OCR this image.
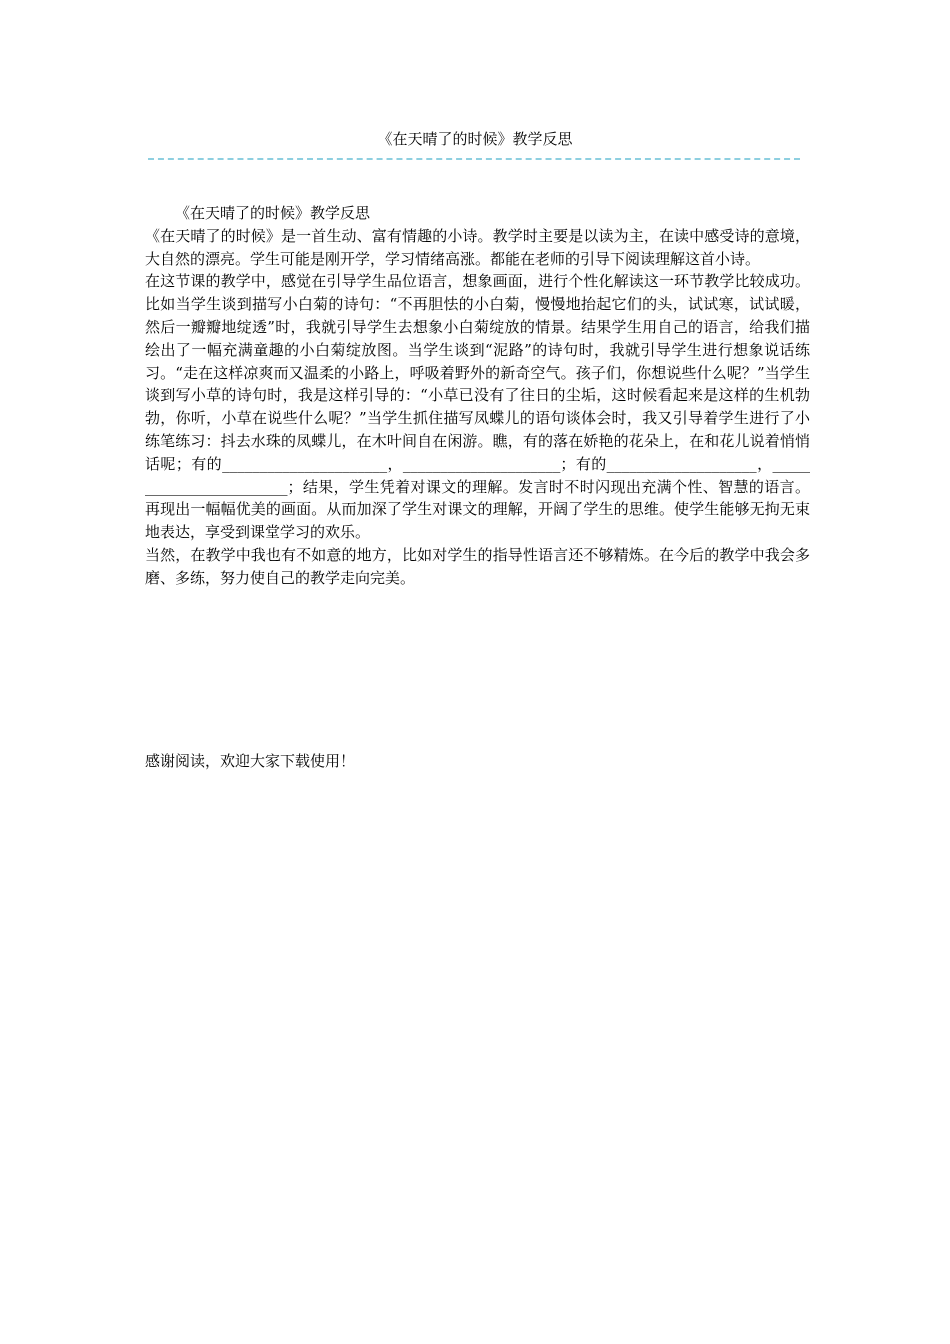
《在天晴了的时候》教学反思

《在天晴了的时候》教学反思

《在天晴了的时候》是一首生动、富有情趣的小诗。教学时主要是以读为主，在读中感受诗的意境，大自然的漂亮。学生可能是刚开学，学习情绪高涨。都能在老师的引导下阅读理解这首小诗。

在这节课的教学中，感觉在引导学生品位语言，想象画面，进行个性化解读这一环节教学比较成功。比如当学生谈到描写小白菊的诗句：“不再胆怯的小白菊，慢慢地抬起它们的头，试试寒，试试暖，然后一瓣瓣地绽透”时，我就引导学生去想象小白菊绽放的情景。结果学生用自己的语言，给我们描绘出了一幅充满童趣的小白菊绽放图。当学生谈到“泥路”的诗句时，我就引导学生进行想象说话练习。“走在这样凉爽而又温柔的小路上，呼吸着野外的新奇空气。孩子们，你想说些什么呢？”当学生谈到写小草的诗句时，我是这样引导的：“小草已没有了往日的尘垢，这时候看起来是这样的生机勃勃，你听，小草在说些什么呢？”当学生抓住描写凤蝶儿的语句谈体会时，我又引导着学生进行了小练笔练习：抖去水珠的凤蝶儿，在木叶间自在闲游。瞧，有的落在娇艳的花朵上，在和花儿说着悄悄话呢；有的______________________，_____________________；有的____________________，________________________；结果，学生凭着对课文的理解。发言时不时闪现出充满个性、智慧的语言。再现出一幅幅优美的画面。从而加深了学生对课文的理解，开阔了学生的思维。使学生能够无拘无束地表达，享受到课堂学习的欢乐。

当然，在教学中我也有不如意的地方，比如对学生的指导性语言还不够精炼。在今后的教学中我会多磨、多练，努力使自己的教学走向完美。

感谢阅读，欢迎大家下载使用！
